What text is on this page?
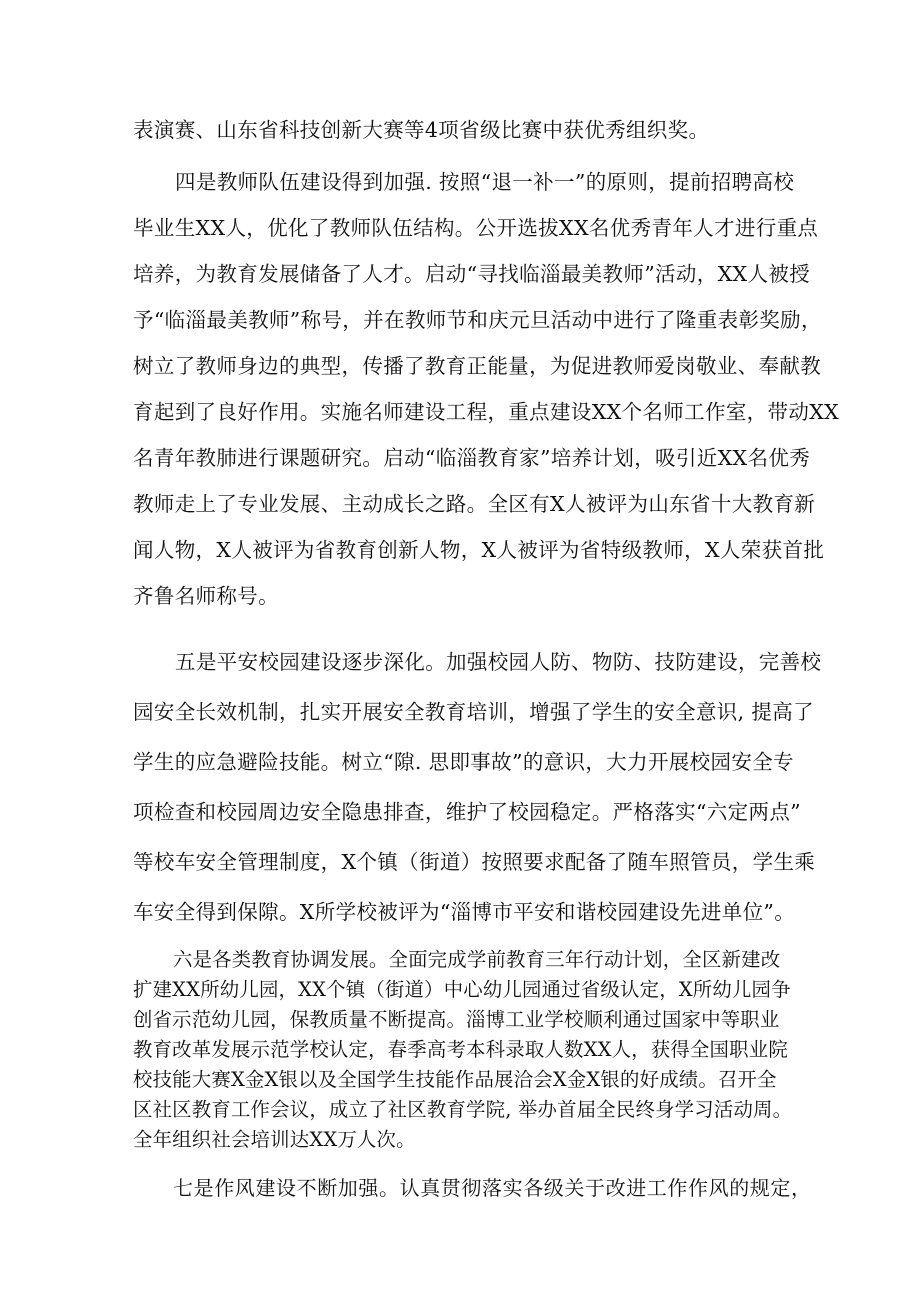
表演赛、山东省科技创新大赛等4项省级比赛中获优秀组织奖。
四是教师队伍建设得到加强. 按照“退一补一”的原则，提前招聘高校
毕业生XX人，优化了教师队伍结构。公开选拔XX名优秀青年人才进行重点
培养，为教育发展储备了人才。启动“寻找临淄最美教师”活动，XX人被授
予“临淄最美教师”称号，并在教师节和庆元旦活动中进行了隆重表彰奖励，
树立了教师身边的典型，传播了教育正能量，为促进教师爱岗敬业、奉献教
育起到了良好作用。实施名师建设工程，重点建设XX个名师工作室，带动XX
名青年教肺进行课题研究。启动“临淄教育家”培养计划，吸引近XX名优秀
教师走上了专业发展、主动成长之路。全区有X人被评为山东省十大教育新
闻人物，X人被评为省教育创新人物，X人被评为省特级教师，X人荣获首批
齐鲁名师称号。
五是平安校园建设逐步深化。加强校园人防、物防、技防建设，完善校
园安全长效机制，扎实开展安全教育培训，增强了学生的安全意识, 提高了
学生的应急避险技能。树立“隙. 思即事故”的意识，大力开展校园安全专
项检查和校园周边安全隐患排查，维护了校园稳定。严格落实“六定两点”
等校车安全管理制度，X个镇（街道）按照要求配备了随车照管员，学生乘
车安全得到保隙。X所学校被评为“淄博市平安和谐校园建设先进单位”。
六是各类教育协调发展。全面完成学前教育三年行动计划，全区新建改
扩建XX所幼儿园，XX个镇（街道）中心幼儿园通过省级认定，X所幼儿园争
创省示范幼儿园，保教质量不断提高。淄博工业学校顺利通过国家中等职业
教育改革发展示范学校认定，春季高考本科录取人数XX人，获得全国职业院
校技能大赛X金X银以及全国学生技能作品展洽会X金X银的好成绩。召开全
区社区教育工作会议，成立了社区教育学院, 举办首届全民终身学习活动周。
全年组织社会培训达XX万人次。
七是作风建设不断加强。认真贯彻落实各级关于改进工作作风的规定，
